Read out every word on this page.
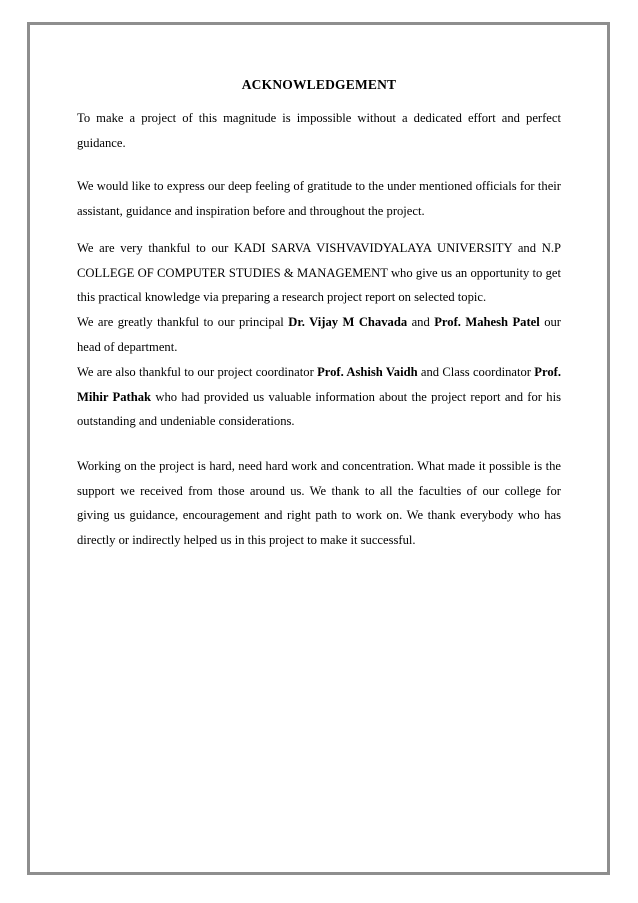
ACKNOWLEDGEMENT

To make a project of this magnitude is impossible without a dedicated effort and perfect guidance.

We would like to express our deep feeling of gratitude to the under mentioned officials for their assistant, guidance and inspiration before and throughout the project.

We are very thankful to our KADI SARVA VISHVAVIDYALAYA UNIVERSITY and N.P COLLEGE OF COMPUTER STUDIES & MANAGEMENT who give us an opportunity to get this practical knowledge via preparing a research project report on selected topic.

We are greatly thankful to our principal Dr. Vijay M Chavada and Prof. Mahesh Patel our head of department.

We are also thankful to our project coordinator Prof. Ashish Vaidh and Class coordinator Prof. Mihir Pathak who had provided us valuable information about the project report and for his outstanding and undeniable considerations.

Working on the project is hard, need hard work and concentration. What made it possible is the support we received from those around us. We thank to all the faculties of our college for giving us guidance, encouragement and right path to work on. We thank everybody who has directly or indirectly helped us in this project to make it successful.
